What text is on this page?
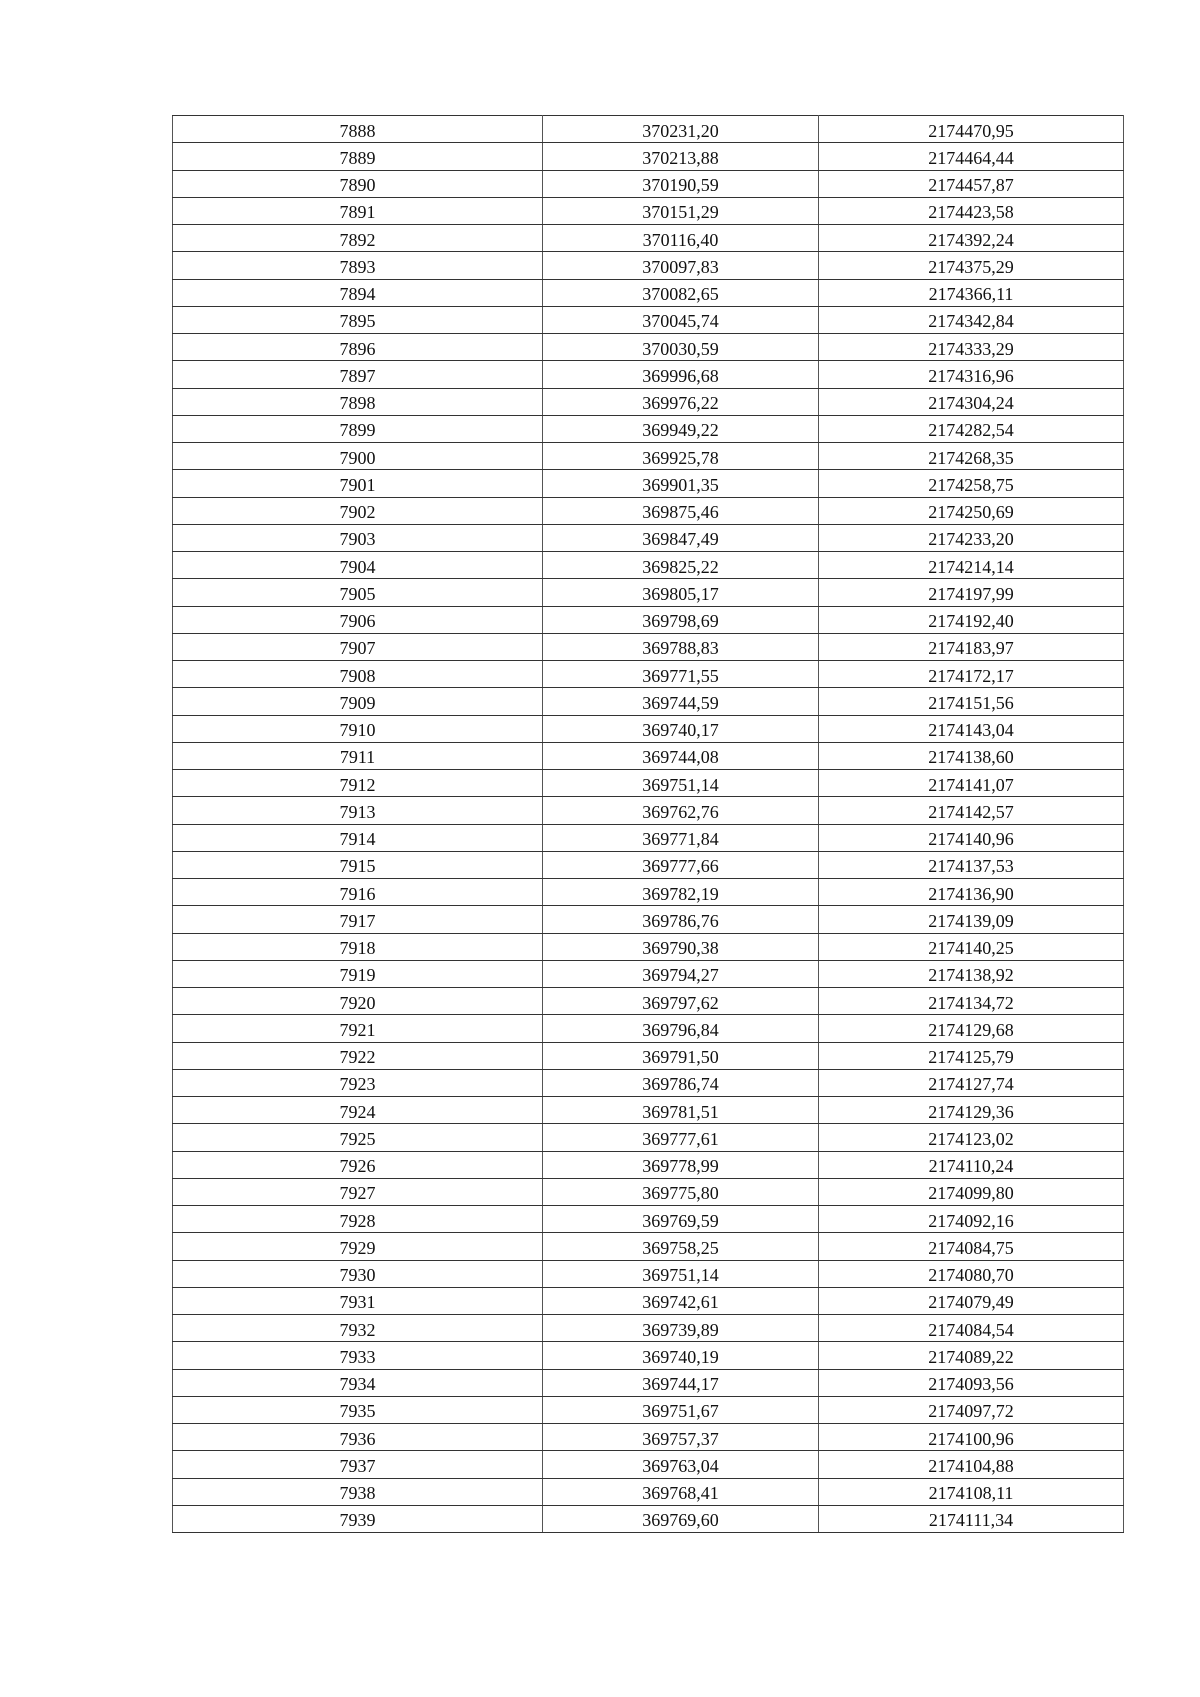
7888	370231,20	2174470,95
7889	370213,88	2174464,44
7890	370190,59	2174457,87
7891	370151,29	2174423,58
7892	370116,40	2174392,24
7893	370097,83	2174375,29
7894	370082,65	2174366,11
7895	370045,74	2174342,84
7896	370030,59	2174333,29
7897	369996,68	2174316,96
7898	369976,22	2174304,24
7899	369949,22	2174282,54
7900	369925,78	2174268,35
7901	369901,35	2174258,75
7902	369875,46	2174250,69
7903	369847,49	2174233,20
7904	369825,22	2174214,14
7905	369805,17	2174197,99
7906	369798,69	2174192,40
7907	369788,83	2174183,97
7908	369771,55	2174172,17
7909	369744,59	2174151,56
7910	369740,17	2174143,04
7911	369744,08	2174138,60
7912	369751,14	2174141,07
7913	369762,76	2174142,57
7914	369771,84	2174140,96
7915	369777,66	2174137,53
7916	369782,19	2174136,90
7917	369786,76	2174139,09
7918	369790,38	2174140,25
7919	369794,27	2174138,92
7920	369797,62	2174134,72
7921	369796,84	2174129,68
7922	369791,50	2174125,79
7923	369786,74	2174127,74
7924	369781,51	2174129,36
7925	369777,61	2174123,02
7926	369778,99	2174110,24
7927	369775,80	2174099,80
7928	369769,59	2174092,16
7929	369758,25	2174084,75
7930	369751,14	2174080,70
7931	369742,61	2174079,49
7932	369739,89	2174084,54
7933	369740,19	2174089,22
7934	369744,17	2174093,56
7935	369751,67	2174097,72
7936	369757,37	2174100,96
7937	369763,04	2174104,88
7938	369768,41	2174108,11
7939	369769,60	2174111,34
